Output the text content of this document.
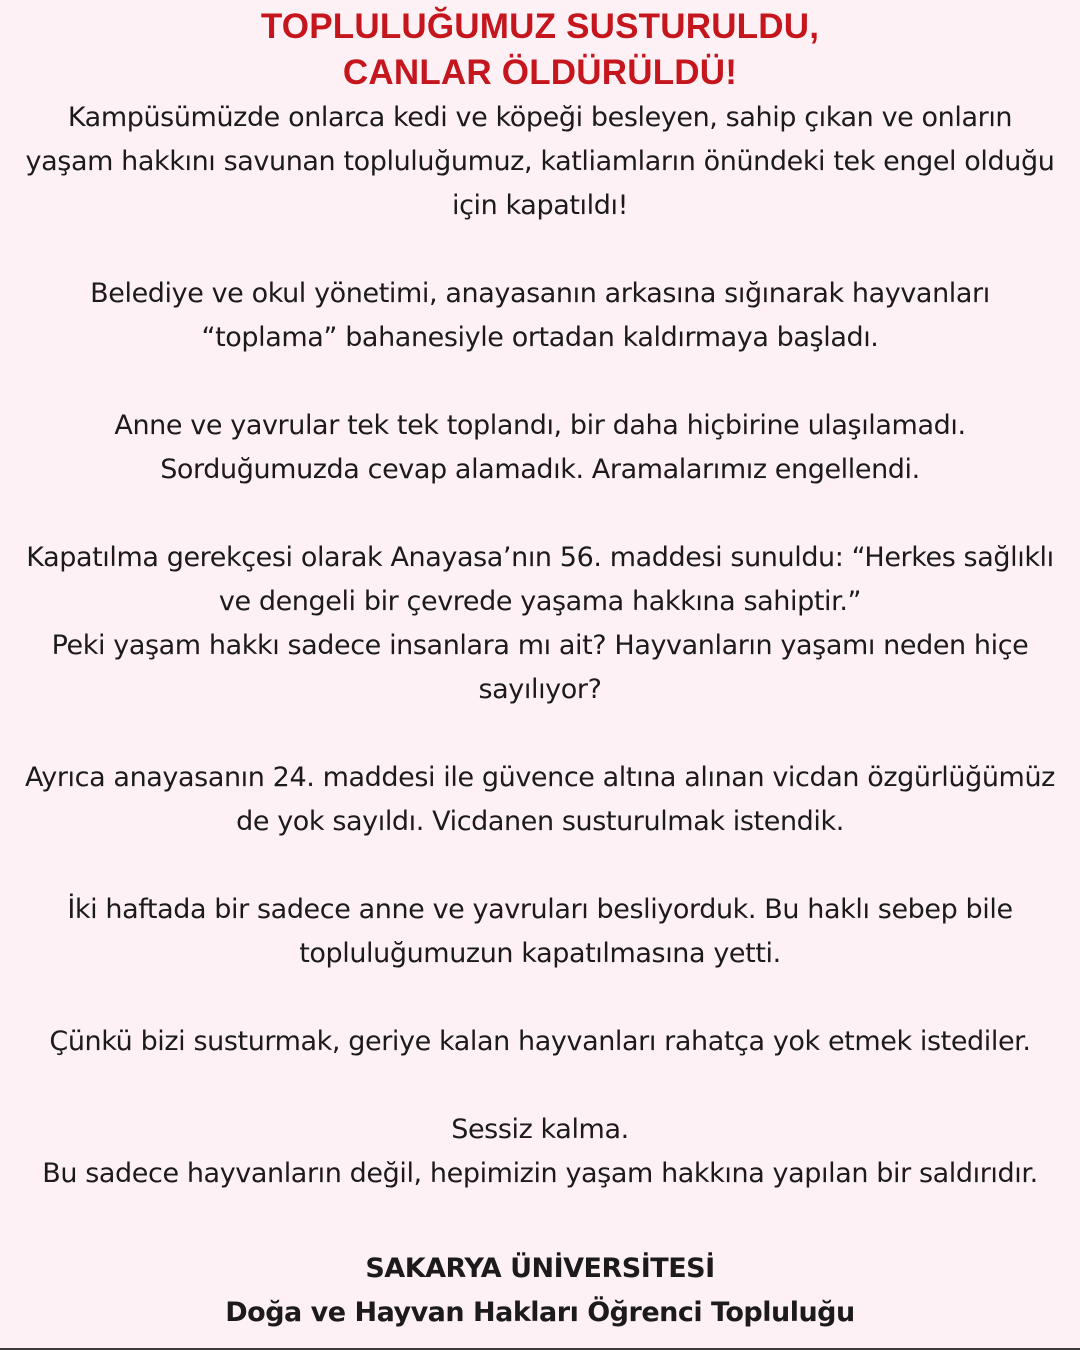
TOPLULUĞUMUZ SUSTURULDU,
CANLAR ÖLDÜRÜLDÜ!

Kampüsümüzde onlarca kedi ve köpeği besleyen, sahip çıkan ve onların
yaşam hakkını savunan topluluğumuz, katliamların önündeki tek engel olduğu
için kapatıldı!

Belediye ve okul yönetimi, anayasanın arkasına sığınarak hayvanları
“toplama” bahanesiyle ortadan kaldırmaya başladı.

Anne ve yavrular tek tek toplandı, bir daha hiçbirine ulaşılamadı.
Sorduğumuzda cevap alamadık. Aramalarımız engellendi.

Kapatılma gerekçesi olarak Anayasa’nın 56. maddesi sunuldu: “Herkes sağlıklı
ve dengeli bir çevrede yaşama hakkına sahiptir.”
Peki yaşam hakkı sadece insanlara mı ait? Hayvanların yaşamı neden hiçe
sayılıyor?

Ayrıca anayasanın 24. maddesi ile güvence altına alınan vicdan özgürlüğümüz
de yok sayıldı. Vicdanen susturulmak istendik.

İki haftada bir sadece anne ve yavruları besliyorduk. Bu haklı sebep bile
topluluğumuzun kapatılmasına yetti.

Çünkü bizi susturmak, geriye kalan hayvanları rahatça yok etmek istediler.

Sessiz kalma.
Bu sadece hayvanların değil, hepimizin yaşam hakkına yapılan bir saldırıdır.

SAKARYA ÜNİVERSİTESİ
Doğa ve Hayvan Hakları Öğrenci Topluluğu
